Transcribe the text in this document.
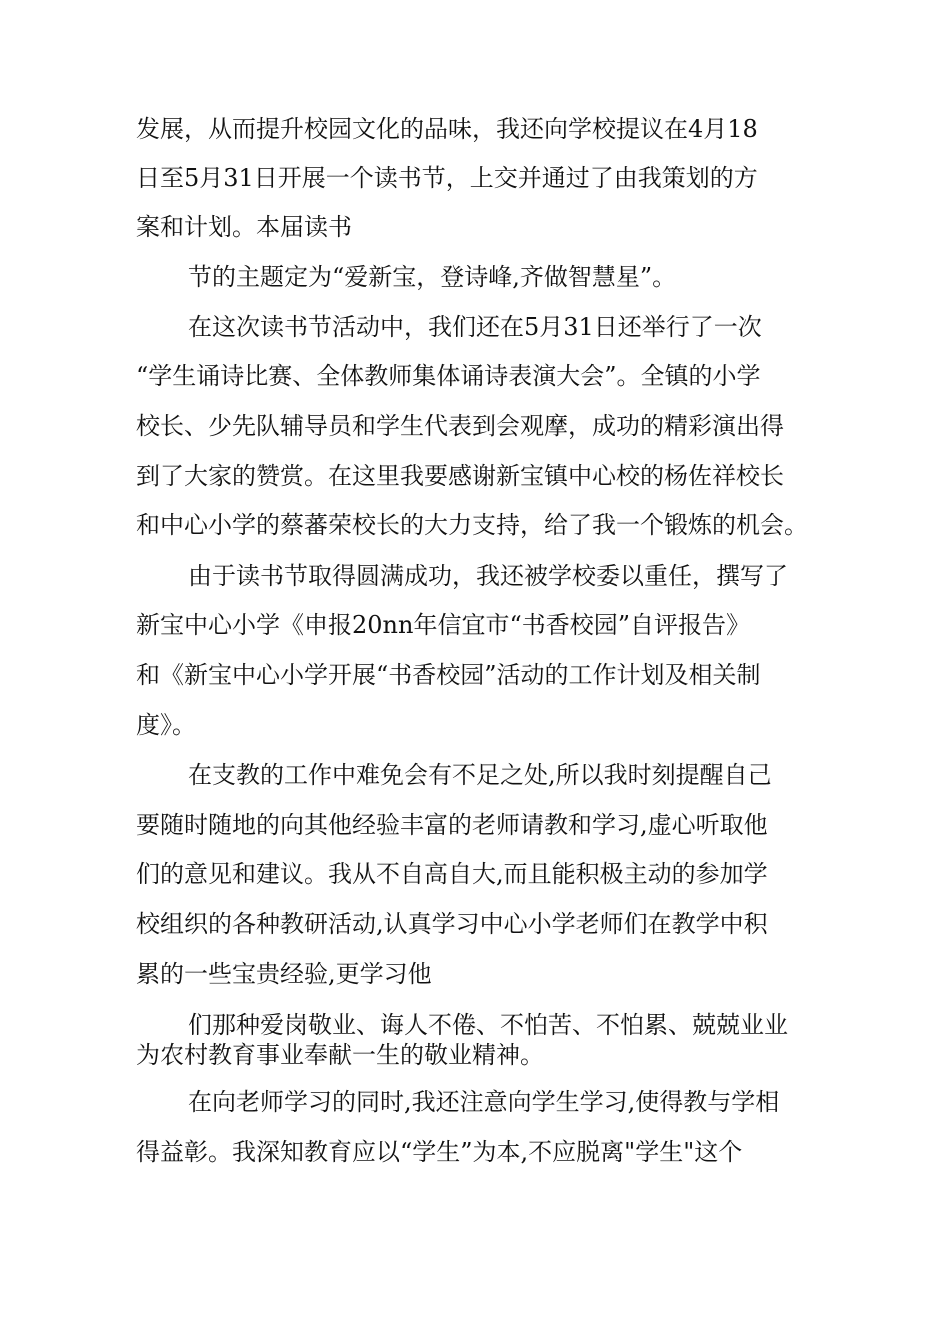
发展，从而提升校园文化的品味，我还向学校提议在4月18
日至5月31日开展一个读书节，上交并通过了由我策划的方
案和计划。本届读书
节的主题定为“爱新宝，登诗峰,齐做智慧星”。
在这次读书节活动中，我们还在5月31日还举行了一次
“学生诵诗比赛、全体教师集体诵诗表演大会”。全镇的小学
校长、少先队辅导员和学生代表到会观摩，成功的精彩演出得
到了大家的赞赏。在这里我要感谢新宝镇中心校的杨佐祥校长
和中心小学的蔡蕃荣校长的大力支持，给了我一个锻炼的机会。
由于读书节取得圆满成功，我还被学校委以重任，撰写了
新宝中心小学《申报20nn年信宜市“书香校园”自评报告》
和《新宝中心小学开展“书香校园”活动的工作计划及相关制
度》。
在支教的工作中难免会有不足之处,所以我时刻提醒自己
要随时随地的向其他经验丰富的老师请教和学习,虚心听取他
们的意见和建议。我从不自高自大,而且能积极主动的参加学
校组织的各种教研活动,认真学习中心小学老师们在教学中积
累的一些宝贵经验,更学习他
们那种爱岗敬业、诲人不倦、不怕苦、不怕累、兢兢业业
为农村教育事业奉献一生的敬业精神。
在向老师学习的同时,我还注意向学生学习,使得教与学相
得益彰。我深知教育应以“学生”为本,不应脱离"学生"这个
